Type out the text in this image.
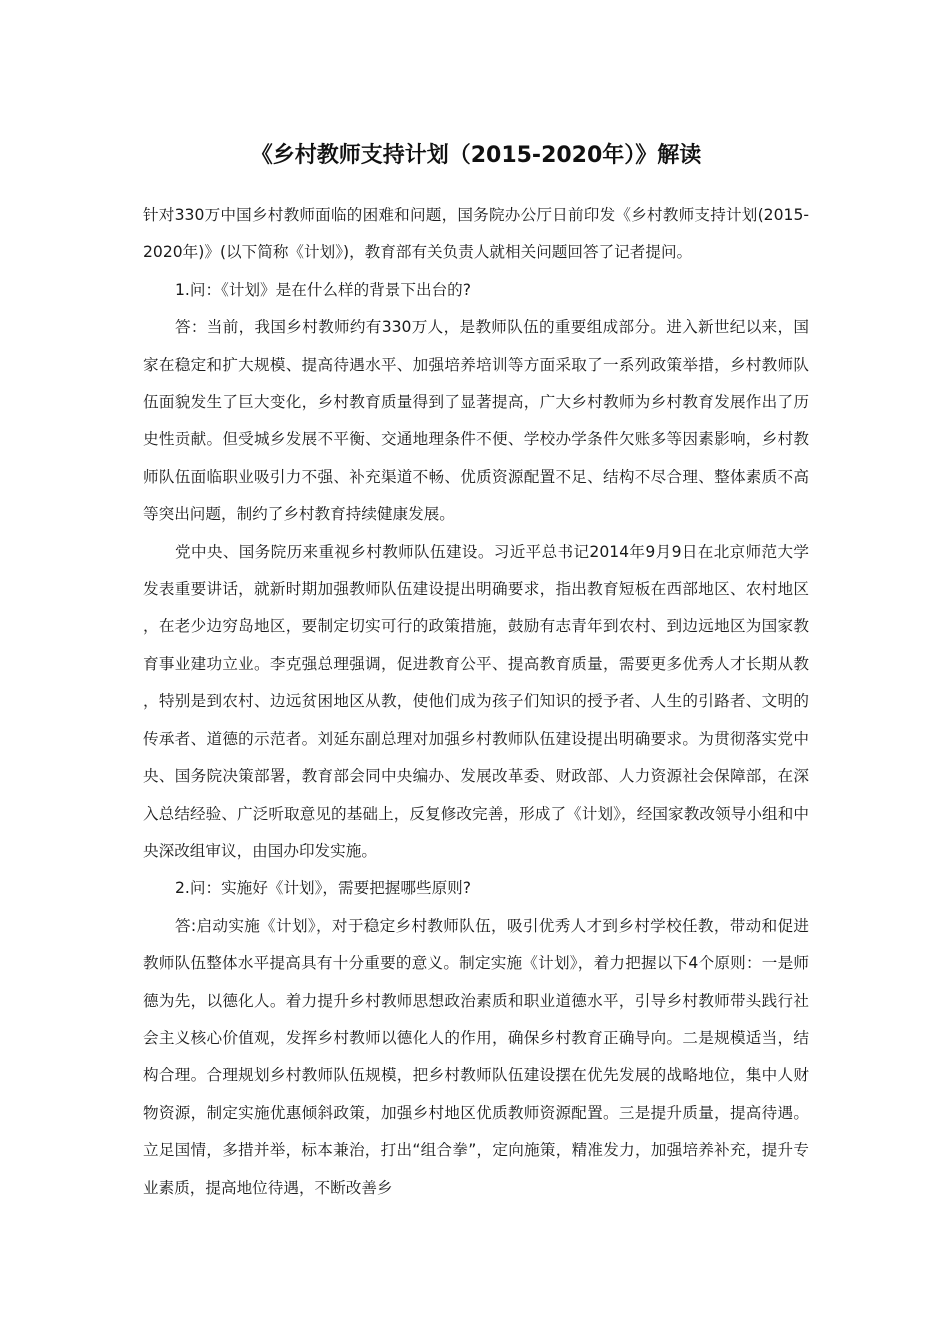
《乡村教师支持计划（2015-2020年）》解读

针对330万中国乡村教师面临的困难和问题，国务院办公厅日前印发《乡村教师支持计划(2015-2020年)》(以下简称《计划》)，教育部有关负责人就相关问题回答了记者提问。

1.问：《计划》是在什么样的背景下出台的?

答：当前，我国乡村教师约有330万人，是教师队伍的重要组成部分。进入新世纪以来，国家在稳定和扩大规模、提高待遇水平、加强培养培训等方面采取了一系列政策举措，乡村教师队伍面貌发生了巨大变化，乡村教育质量得到了显著提高，广大乡村教师为乡村教育发展作出了历史性贡献。但受城乡发展不平衡、交通地理条件不便、学校办学条件欠账多等因素影响，乡村教师队伍面临职业吸引力不强、补充渠道不畅、优质资源配置不足、结构不尽合理、整体素质不高等突出问题，制约了乡村教育持续健康发展。

党中央、国务院历来重视乡村教师队伍建设。习近平总书记2014年9月9日在北京师范大学发表重要讲话，就新时期加强教师队伍建设提出明确要求，指出教育短板在西部地区、农村地区，在老少边穷岛地区，要制定切实可行的政策措施，鼓励有志青年到农村、到边远地区为国家教育事业建功立业。李克强总理强调，促进教育公平、提高教育质量，需要更多优秀人才长期从教，特别是到农村、边远贫困地区从教，使他们成为孩子们知识的授予者、人生的引路者、文明的传承者、道德的示范者。刘延东副总理对加强乡村教师队伍建设提出明确要求。为贯彻落实党中央、国务院决策部署，教育部会同中央编办、发展改革委、财政部、人力资源社会保障部，在深入总结经验、广泛听取意见的基础上，反复修改完善，形成了《计划》，经国家教改领导小组和中央深改组审议，由国办印发实施。

2.问：实施好《计划》，需要把握哪些原则?

答:启动实施《计划》，对于稳定乡村教师队伍，吸引优秀人才到乡村学校任教，带动和促进教师队伍整体水平提高具有十分重要的意义。制定实施《计划》，着力把握以下4个原则：一是师德为先，以德化人。着力提升乡村教师思想政治素质和职业道德水平，引导乡村教师带头践行社会主义核心价值观，发挥乡村教师以德化人的作用，确保乡村教育正确导向。二是规模适当，结构合理。合理规划乡村教师队伍规模，把乡村教师队伍建设摆在优先发展的战略地位，集中人财物资源，制定实施优惠倾斜政策，加强乡村地区优质教师资源配置。三是提升质量，提高待遇。立足国情，多措并举，标本兼治，打出“组合拳”，定向施策，精准发力，加强培养补充，提升专业素质，提高地位待遇，不断改善乡
